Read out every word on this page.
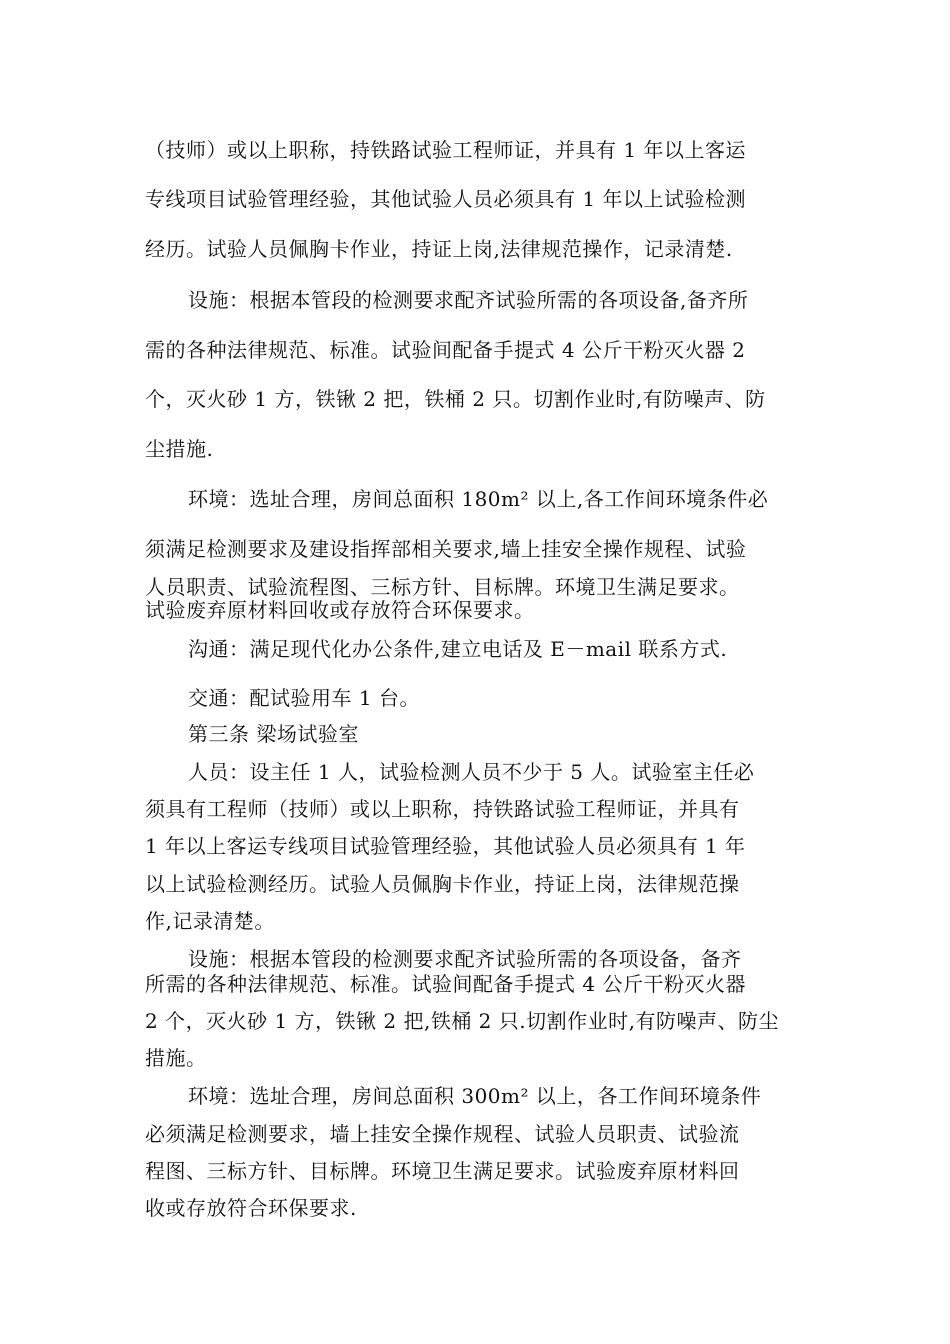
（技师）或以上职称，持铁路试验工程师证，并具有 1 年以上客运
专线项目试验管理经验，其他试验人员必须具有 1 年以上试验检测
经历。试验人员佩胸卡作业，持证上岗,法律规范操作，记录清楚.
设施：根据本管段的检测要求配齐试验所需的各项设备,备齐所
需的各种法律规范、标准。试验间配备手提式 4 公斤干粉灭火器 2
个，灭火砂 1 方，铁锹 2 把，铁桶 2 只。切割作业时,有防噪声、防
尘措施.
环境：选址合理，房间总面积 180m² 以上,各工作间环境条件必
须满足检测要求及建设指挥部相关要求,墙上挂安全操作规程、试验
人员职责、试验流程图、三标方针、目标牌。环境卫生满足要求。
试验废弃原材料回收或存放符合环保要求。
沟通：满足现代化办公条件,建立电话及 E－mail 联系方式.
交通：配试验用车 1 台。
第三条 梁场试验室
人员：设主任 1 人，试验检测人员不少于 5 人。试验室主任必
须具有工程师（技师）或以上职称，持铁路试验工程师证，并具有
1 年以上客运专线项目试验管理经验，其他试验人员必须具有 1 年
以上试验检测经历。试验人员佩胸卡作业，持证上岗，法律规范操
作,记录清楚。
设施：根据本管段的检测要求配齐试验所需的各项设备，备齐
所需的各种法律规范、标准。试验间配备手提式 4 公斤干粉灭火器
2 个，灭火砂 1 方，铁锹 2 把,铁桶 2 只.切割作业时,有防噪声、防尘
措施。
环境：选址合理，房间总面积 300m² 以上，各工作间环境条件
必须满足检测要求，墙上挂安全操作规程、试验人员职责、试验流
程图、三标方针、目标牌。环境卫生满足要求。试验废弃原材料回
收或存放符合环保要求.
